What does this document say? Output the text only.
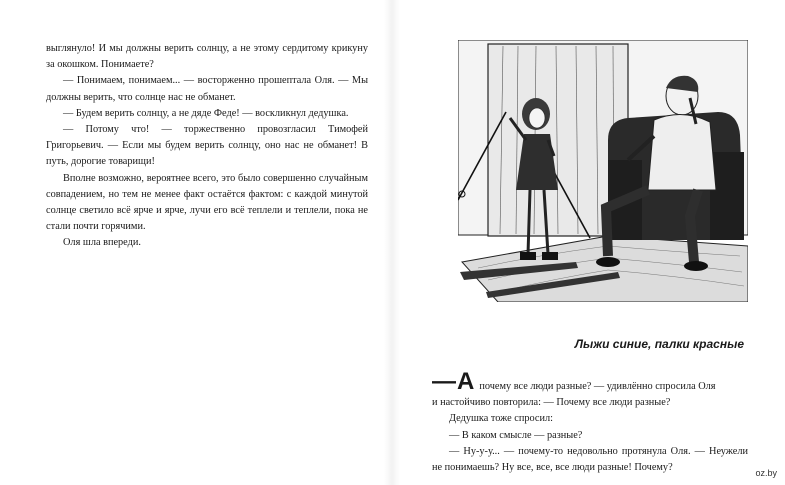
выглянуло! И мы должны верить солнцу, а не этому сердитому крикуну за окошком. Понимаете?

— Понимаем, понимаем... — восторженно прошептала Оля. — Мы должны верить, что солнце нас не обманет.

— Будем верить солнцу, а не дяде Феде! — воскликнул дедушка.

— Потому что! — торжественно провозгласил Тимофей Григорьевич. — Если мы будем верить солнцу, оно нас не обманет! В путь, дорогие товарищи!

Вполне возможно, вероятнее всего, это было совершенно случайным совпадением, но тем не менее факт остаётся фактом: с каждой минутой солнце светило всё ярче и ярче, лучи его всё теплели и теплели, пока не стали почти горячими.

Оля шла впереди.

Лыжи синие, палки красные
— А почему все люди разные? — удивлённо спросила Оля

и настойчиво повторила: — Почему все люди разные?

Дедушка тоже спросил:

— В каком смысле — разные?

— Ну-у-у... — почему-то недовольно протянула Оля. — Неужели не понимаешь? Ну все, все, все люди разные! Почему?	oz.by
